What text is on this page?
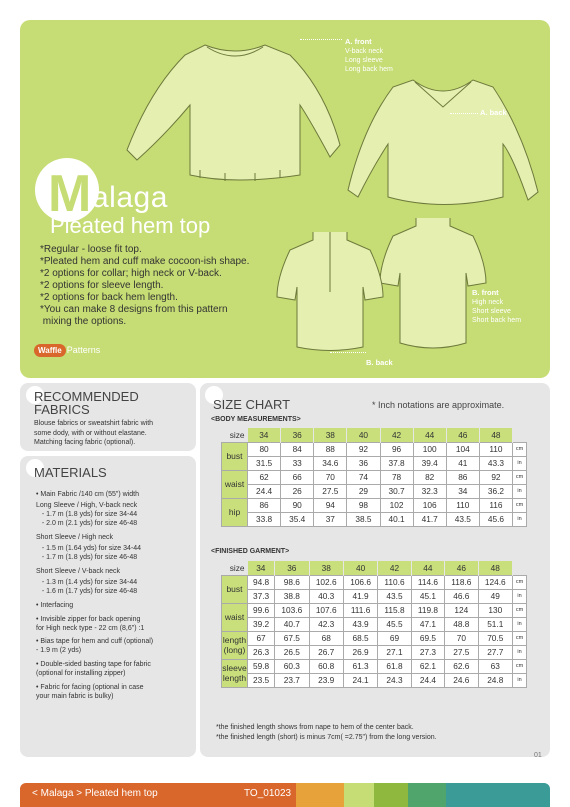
A. front
V-back neck
Long sleeve
Long back hem
A. back
B. front
High neck
Short sleeve
Short back hem
B. back
M alaga
Pleated hem top
*Regular - loose fit top.
*Pleated hem and cuff make cocoon-ish shape.
*2 options for collar; high neck or V-back.
*2 options for sleeve length.
*2 options for back hem length.
*You can make 8 designs from this pattern
mixing the options.
Waffle Patterns
RECOMMENDED
FABRICS
Blouse fabrics or sweatshirt fabric with
some dody, with or without elastane.
Matching facing fabric (optional).
MATERIALS
• Main Fabric /140 cm (55") width
Long Sleeve / High, V-back neck
- 1.7 m (1.8 yds) for size 34-44
- 2.0 m (2.1 yds) for size 46-48
Short Sleeve / High neck
- 1.5 m (1.64 yds) for size 34-44
- 1.7 m (1.8 yds) for size 46-48
Short Sleeve / V-back neck
- 1.3 m (1.4 yds) for size 34-44
- 1.6 m (1.7 yds) for size 46-48
• Interfacing
• Invisible zipper for back opening
for High neck type - 22 cm (8,6") :1
• Bias tape for hem and cuff (optional)
- 1.9 m (2 yds)
• Double-sided basting tape for fabric
(optional for installing zipper)
• Fabric for facing (optional in case
your main fabric is bulky)
SIZE CHART	* Inch notations are approximate.
<BODY MEASUREMENTS>
size	34	36	38	40	42	44	46	48	
bust	80	84	88	92	96	100	104	110	cm
	31.5	33	34.6	36	37.8	39.4	41	43.3	in
waist	62	66	70	74	78	82	86	92	cm
	24.4	26	27.5	29	30.7	32.3	34	36.2	in
hip	86	90	94	98	102	106	110	116	cm
	33.8	35.4	37	38.5	40.1	41.7	43.5	45.6	in
<FINISHED GARMENT>
size	34	36	38	40	42	44	46	48	
bust	94.8	98.6	102.6	106.6	110.6	114.6	118.6	124.6	cm
	37.3	38.8	40.3	41.9	43.5	45.1	46.6	49	in
waist	99.6	103.6	107.6	111.6	115.8	119.8	124	130	cm
	39.2	40.7	42.3	43.9	45.5	47.1	48.8	51.1	in
length
(long)	67	67.5	68	68.5	69	69.5	70	70.5	cm
	26.3	26.5	26.7	26.9	27.1	27.3	27.5	27.7	in
sleeve
length	59.8	60.3	60.8	61.3	61.8	62.1	62.6	63	cm
	23.5	23.7	23.9	24.1	24.3	24.4	24.6	24.8	in
*the finished length shows from nape to hem of the center back.
*the finished length (short) is minus 7cm( =2.75") from the long version.
01
< Malaga > Pleated hem top	TO_01023
